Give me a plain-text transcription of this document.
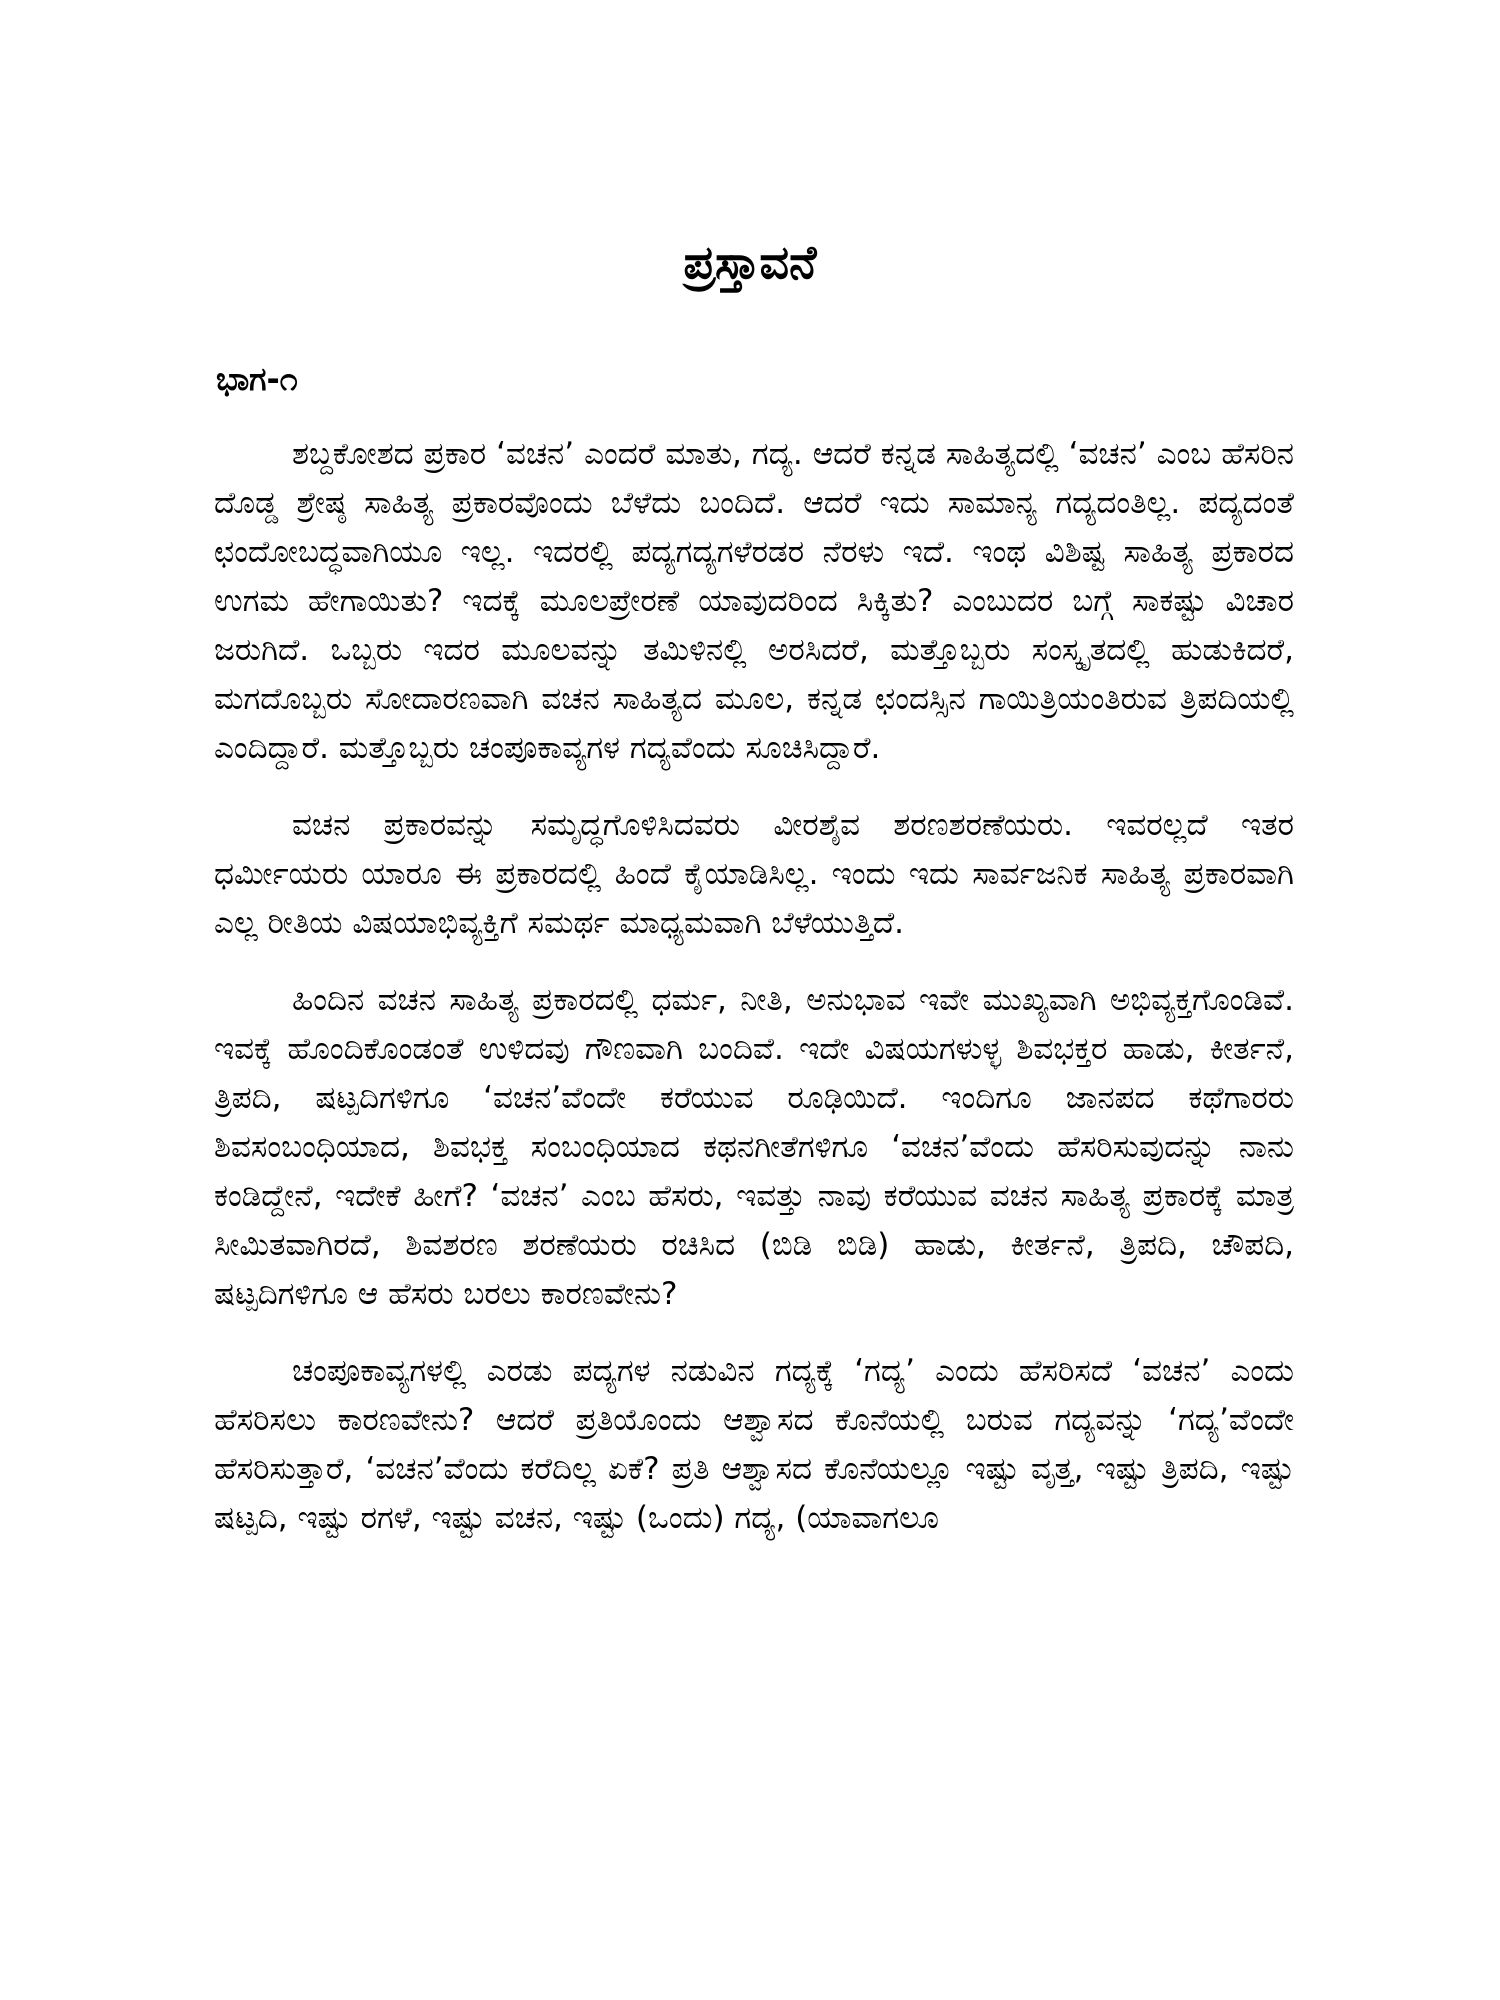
ಪ್ರಸ್ತಾವನೆ
ಭಾಗ-೧

ಶಬ್ದಕೋಶದ ಪ್ರಕಾರ ‘ವಚನ’ ಎಂದರೆ ಮಾತು, ಗದ್ಯ. ಆದರೆ ಕನ್ನಡ ಸಾಹಿತ್ಯದಲ್ಲಿ ‘ವಚನ’ ಎಂಬ ಹೆಸರಿನ ದೊಡ್ಡ ಶ್ರೇಷ್ಠ ಸಾಹಿತ್ಯ ಪ್ರಕಾರವೊಂದು ಬೆಳೆದು ಬಂದಿದೆ. ಆದರೆ ಇದು ಸಾಮಾನ್ಯ ಗದ್ಯದಂತಿಲ್ಲ. ಪದ್ಯದಂತೆ ಛಂದೋಬದ್ಧವಾಗಿಯೂ ಇಲ್ಲ. ಇದರಲ್ಲಿ ಪದ್ಯಗದ್ಯಗಳೆರಡರ ನೆರಳು ಇದೆ. ಇಂಥ ವಿಶಿಷ್ಟ ಸಾಹಿತ್ಯ ಪ್ರಕಾರದ ಉಗಮ ಹೇಗಾಯಿತು? ಇದಕ್ಕೆ ಮೂಲಪ್ರೇರಣೆ ಯಾವುದರಿಂದ ಸಿಕ್ಕಿತು? ಎಂಬುದರ ಬಗ್ಗೆ ಸಾಕಷ್ಟು ವಿಚಾರ ಜರುಗಿದೆ. ಒಬ್ಬರು ಇದರ ಮೂಲವನ್ನು ತಮಿಳಿನಲ್ಲಿ ಅರಸಿದರೆ, ಮತ್ತೊಬ್ಬರು ಸಂಸ್ಕೃತದಲ್ಲಿ ಹುಡುಕಿದರೆ, ಮಗದೊಬ್ಬರು ಸೋದಾರಣವಾಗಿ ವಚನ ಸಾಹಿತ್ಯದ ಮೂಲ, ಕನ್ನಡ ಛಂದಸ್ಸಿನ ಗಾಯಿತ್ರಿಯಂತಿರುವ ತ್ರಿಪದಿಯಲ್ಲಿ ಎಂದಿದ್ದಾರೆ. ಮತ್ತೊಬ್ಬರು ಚಂಪೂಕಾವ್ಯಗಳ ಗದ್ಯವೆಂದು ಸೂಚಿಸಿದ್ದಾರೆ.

ವಚನ ಪ್ರಕಾರವನ್ನು ಸಮೃದ್ಧಗೊಳಿಸಿದವರು ವೀರಶೈವ ಶರಣಶರಣೆಯರು. ಇವರಲ್ಲದೆ ಇತರ ಧರ್ಮೀಯರು ಯಾರೂ ಈ ಪ್ರಕಾರದಲ್ಲಿ ಹಿಂದೆ ಕೈಯಾಡಿಸಿಲ್ಲ. ಇಂದು ಇದು ಸಾರ್ವಜನಿಕ ಸಾಹಿತ್ಯ ಪ್ರಕಾರವಾಗಿ ಎಲ್ಲ ರೀತಿಯ ವಿಷಯಾಭಿವ್ಯಕ್ತಿಗೆ ಸಮರ್ಥ ಮಾಧ್ಯಮವಾಗಿ ಬೆಳೆಯುತ್ತಿದೆ.

ಹಿಂದಿನ ವಚನ ಸಾಹಿತ್ಯ ಪ್ರಕಾರದಲ್ಲಿ ಧರ್ಮ, ನೀತಿ, ಅನುಭಾವ ಇವೇ ಮುಖ್ಯವಾಗಿ ಅಭಿವ್ಯಕ್ತಗೊಂಡಿವೆ. ಇವಕ್ಕೆ ಹೊಂದಿಕೊಂಡಂತೆ ಉಳಿದವು ಗೌಣವಾಗಿ ಬಂದಿವೆ. ಇದೇ ವಿಷಯಗಳುಳ್ಳ ಶಿವಭಕ್ತರ ಹಾಡು, ಕೀರ್ತನೆ, ತ್ರಿಪದಿ, ಷಟ್ಪದಿಗಳಿಗೂ ‘ವಚನ’ವೆಂದೇ ಕರೆಯುವ ರೂಢಿಯಿದೆ. ಇಂದಿಗೂ ಜಾನಪದ ಕಥೆಗಾರರು ಶಿವಸಂಬಂಧಿಯಾದ, ಶಿವಭಕ್ತ ಸಂಬಂಧಿಯಾದ ಕಥನಗೀತೆಗಳಿಗೂ ‘ವಚನ’ವೆಂದು ಹೆಸರಿಸುವುದನ್ನು ನಾನು ಕಂಡಿದ್ದೇನೆ, ಇದೇಕೆ ಹೀಗೆ? ‘ವಚನ’ ಎಂಬ ಹೆಸರು, ಇವತ್ತು ನಾವು ಕರೆಯುವ ವಚನ ಸಾಹಿತ್ಯ ಪ್ರಕಾರಕ್ಕೆ ಮಾತ್ರ ಸೀಮಿತವಾಗಿರದೆ, ಶಿವಶರಣ ಶರಣೆಯರು ರಚಿಸಿದ (ಬಿಡಿ ಬಿಡಿ) ಹಾಡು, ಕೀರ್ತನೆ, ತ್ರಿಪದಿ, ಚೌಪದಿ, ಷಟ್ಪದಿಗಳಿಗೂ ಆ ಹೆಸರು ಬರಲು ಕಾರಣವೇನು?

ಚಂಪೂಕಾವ್ಯಗಳಲ್ಲಿ ಎರಡು ಪದ್ಯಗಳ ನಡುವಿನ ಗದ್ಯಕ್ಕೆ ‘ಗದ್ಯ’ ಎಂದು ಹೆಸರಿಸದೆ ‘ವಚನ’ ಎಂದು ಹೆಸರಿಸಲು ಕಾರಣವೇನು? ಆದರೆ ಪ್ರತಿಯೊಂದು ಆಶ್ವಾಸದ ಕೊನೆಯಲ್ಲಿ ಬರುವ ಗದ್ಯವನ್ನು ‘ಗದ್ಯ’ವೆಂದೇ ಹೆಸರಿಸುತ್ತಾರೆ, ‘ವಚನ’ವೆಂದು ಕರೆದಿಲ್ಲ ಏಕೆ? ಪ್ರತಿ ಆಶ್ವಾಸದ ಕೊನೆಯಲ್ಲೂ ಇಷ್ಟು ವೃತ್ತ, ಇಷ್ಟು ತ್ರಿಪದಿ, ಇಷ್ಟು ಷಟ್ಪದಿ, ಇಷ್ಟು ರಗಳೆ, ಇಷ್ಟು ವಚನ, ಇಷ್ಟು (ಒಂದು) ಗದ್ಯ, (ಯಾವಾಗಲೂ
